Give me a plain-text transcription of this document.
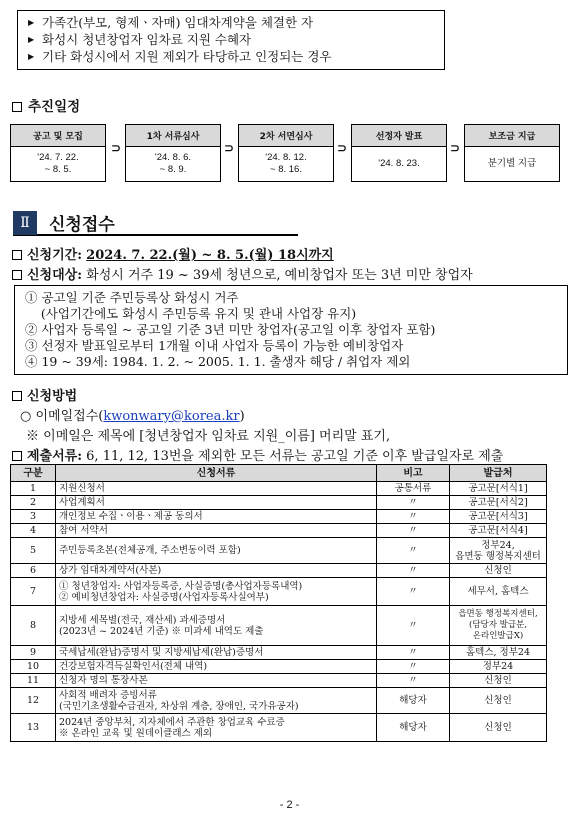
▶ 가족간(부모, 형제ㆍ자매) 임대차계약을 체결한 자
▶ 화성시 청년창업자 임차료 지원 수혜자
▶ 기타 화성시에서 지원 제외가 타당하고 인정되는 경우
추진일정
공고 및 모집
'24. 7. 22.
~ 8. 5.
⊃
1차 서류심사
'24. 8. 6.
~ 8. 9.
⊃
2차 서면심사
'24. 8. 12.
~ 8. 16.
⊃
선정자 발표
'24. 8. 23.
⊃
보조금 지급
분기별 지급
Ⅱ	신청접수
신청기간: 2024. 7. 22.(월) ~ 8. 5.(월) 18시까지
신청대상: 화성시 거주 19 ~ 39세 청년으로, 예비창업자 또는 3년 미만 창업자
① 공고일 기준 주민등록상 화성시 거주
(사업기간에도 화성시 주민등록 유지 및 관내 사업장 유지)
② 사업자 등록일 ~ 공고일 기준 3년 미만 창업자(공고일 이후 창업자 포함)
③ 선정자 발표일로부터 1개월 이내 사업자 등록이 가능한 예비창업자
④ 19 ~ 39세: 1984. 1. 2. ~ 2005. 1. 1. 출생자 해당 / 취업자 제외
신청방법
○ 이메일접수(kwonwary@korea.kr)
※ 이메일은 제목에 [청년창업자 임차료 지원_이름] 머리말 표기,
제출서류: 6, 11, 12, 13번을 제외한 모든 서류는 공고일 기준 이후 발급일자로 제출
구분	신청서류	비고	발급처
1	지원신청서	공통서류	공고문[서식1]
2	사업계획서	〃	공고문[서식2]
3	개인정보 수집ㆍ이용ㆍ제공 동의서	〃	공고문[서식3]
4	참여 서약서	〃	공고문[서식4]
5	주민등록초본(전체공개, 주소변동이력 포함)	〃	정부24,
읍면동 행정복지센터
6	상가 임대차계약서(사본)	〃	신청인
7	① 청년창업자: 사업자등록증, 사실증명(총사업자등록내역)
② 예비청년창업자: 사실증명(사업자등록사실여부)	〃	세무서, 홈텍스
8	지방세 세목별(전국, 재산세) 과세증명서
(2023년 ~ 2024년 기준) ※ 미과세 내역도 제출	〃	읍면동 행정복지센터,
(담당자 발급분,
온라인발급X)
9	국세납세(완납)증명서 및 지방세납세(완납)증명서	〃	홈텍스, 정부24
10	건강보험자격득실확인서(전체 내역)	〃	정부24
11	신청자 명의 통장사본	〃	신청인
12	사회적 배려자 증빙서류
(국민기초생활수급권자, 차상위 계층, 장애인, 국가유공자)	해당자	신청인
13	2024년 중앙부처, 지자체에서 주관한 창업교육 수료증
※ 온라인 교육 및 원데이클래스 제외	해당자	신청인
- 2 -
